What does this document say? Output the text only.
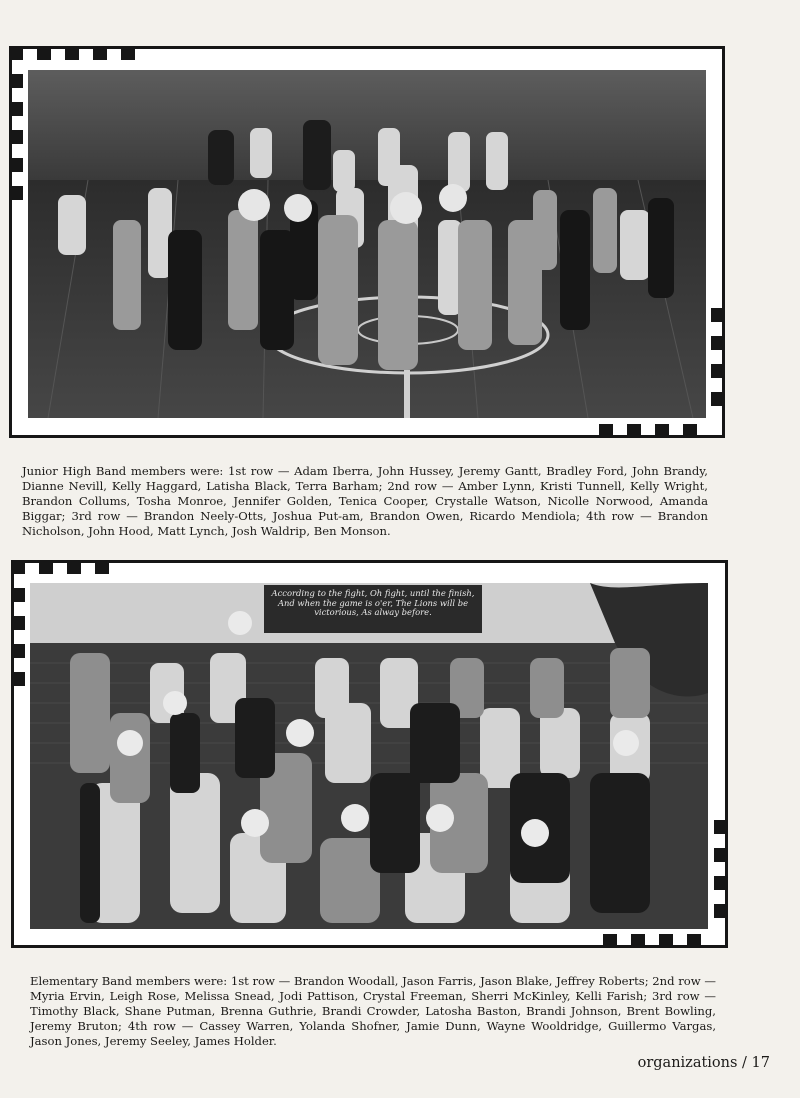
Junior High Band members were: 1st row — Adam Iberra, John Hussey, Jeremy Gantt, Bradley Ford, John Brandy, Dianne Nevill, Kelly Haggard, Latisha Black, Terra Barham; 2nd row — Amber Lynn, Kristi Tunnell, Kelly Wright, Brandon Collums, Tosha Monroe, Jennifer Golden, Tenica Cooper, Crystalle Watson, Nicolle Norwood, Amanda Biggar; 3rd row — Brandon Neely-Otts, Joshua Put-am, Brandon Owen, Ricardo Mendiola; 4th row — Brandon Nicholson, John Hood, Matt Lynch, Josh Waldrip, Ben Monson.

According to the fight, Oh fight, until the finish, And when the game is o'er, The Lions will be victorious, As alway before.

Elementary Band members were: 1st row — Brandon Woodall, Jason Farris, Jason Blake, Jeffrey Roberts; 2nd row — Myria Ervin, Leigh Rose, Melissa Snead, Jodi Pattison, Crystal Freeman, Sherri McKinley, Kelli Farish; 3rd row — Timothy Black, Shane Putman, Brenna Guthrie, Brandi Crowder, Latosha Baston, Brandi Johnson, Brent Bowling, Jeremy Bruton; 4th row — Cassey Warren, Yolanda Shofner, Jamie Dunn, Wayne Wooldridge, Guillermo Vargas, Jason Jones, Jeremy Seeley, James Holder.

organizations / 17
